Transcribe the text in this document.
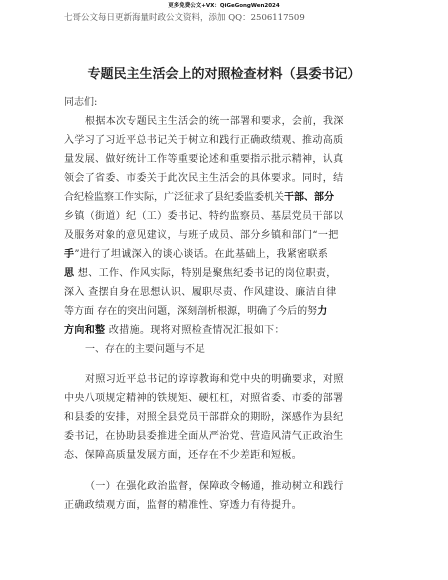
更多免费公文+VX：QiGeGongWen2024
七哥公文每日更新海量时政公文资料，添加 QQ：2506117509
专题民主生活会上的对照检查材料（县委书记）
同志们:
根据本次专题民主生活会的统一部署和要求，会前，我深
入学习了习近平总书记关于树立和践行正确政绩观、推动高质
量发展、做好统计工作等重要论述和重要指示批示精神，认真
领会了省委、市委关于此次民主生活会的具体要求。同时，结
合纪检监察工作实际，广泛征求了县纪委监委机关干部、部分
乡镇（街道）纪（工）委书记、特约监察员、基层党员干部以
及服务对象的意见建议，与班子成员、部分乡镇和部门“一把
手”进行了坦诚深入的谈心谈话。在此基础上，我紧密联系
思 想、工作、作风实际，特别是聚焦纪委书记的岗位职责，
深入 查摆自身在思想认识、履职尽责、作风建设、廉洁自律
等方面 存在的突出问题，深刻剖析根源，明确了今后的努力
方向和整 改措施。现将对照检查情况汇报如下：
一、存在的主要问题与不足
对照习近平总书记的谆谆教诲和党中央的明确要求，对照
中央八项规定精神的铁规矩、硬杠杠，对照省委、市委的部署
和县委的安排，对照全县党员干部群众的期盼，深感作为县纪
委书记，在协助县委推进全面从严治党、营造风清气正政治生
态、保障高质量发展方面，还存在不少差距和短板。
（一）在强化政治监督，保障政令畅通，推动树立和践行
正确政绩观方面，监督的精准性、穿透力有待提升。
